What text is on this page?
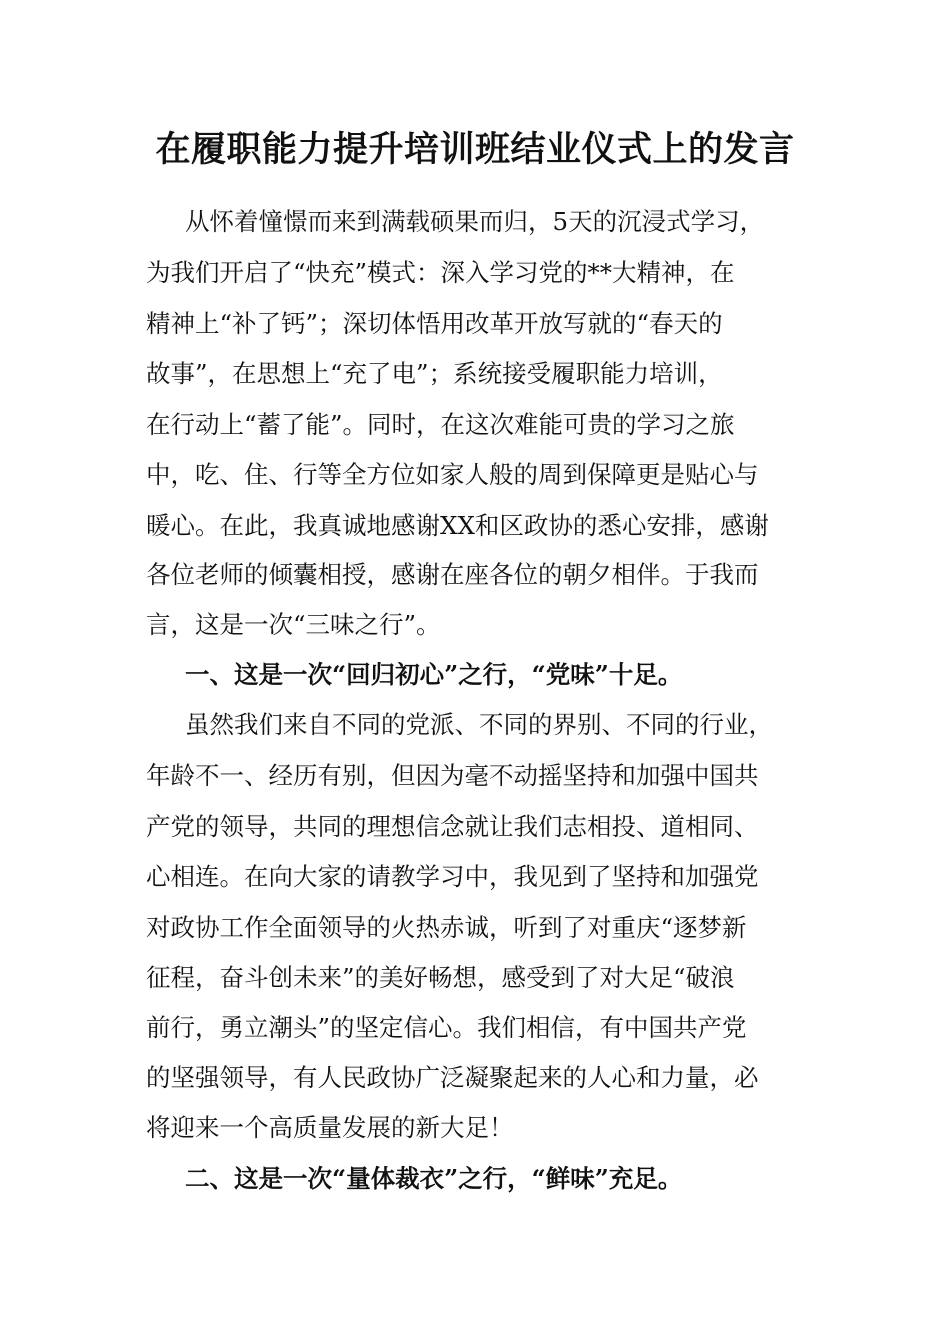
在履职能力提升培训班结业仪式上的发言

从怀着憧憬而来到满载硕果而归，5天的沉浸式学习，

为我们开启了“快充”模式：深入学习党的**大精神，在

精神上“补了钙”；深切体悟用改革开放写就的“春天的

故事”，在思想上“充了电”；系统接受履职能力培训，

在行动上“蓄了能”。同时，在这次难能可贵的学习之旅

中，吃、住、行等全方位如家人般的周到保障更是贴心与

暖心。在此，我真诚地感谢XX和区政协的悉心安排，感谢

各位老师的倾囊相授，感谢在座各位的朝夕相伴。于我而

言，这是一次“三味之行”。

一、这是一次“回归初心”之行，“党味”十足。

虽然我们来自不同的党派、不同的界别、不同的行业，

年龄不一、经历有别，但因为毫不动摇坚持和加强中国共

产党的领导，共同的理想信念就让我们志相投、道相同、

心相连。在向大家的请教学习中，我见到了坚持和加强党

对政协工作全面领导的火热赤诚，听到了对重庆“逐梦新

征程，奋斗创未来”的美好畅想，感受到了对大足“破浪

前行，勇立潮头”的坚定信心。我们相信，有中国共产党

的坚强领导，有人民政协广泛凝聚起来的人心和力量，必

将迎来一个高质量发展的新大足！

二、这是一次“量体裁衣”之行，“鲜味”充足。
